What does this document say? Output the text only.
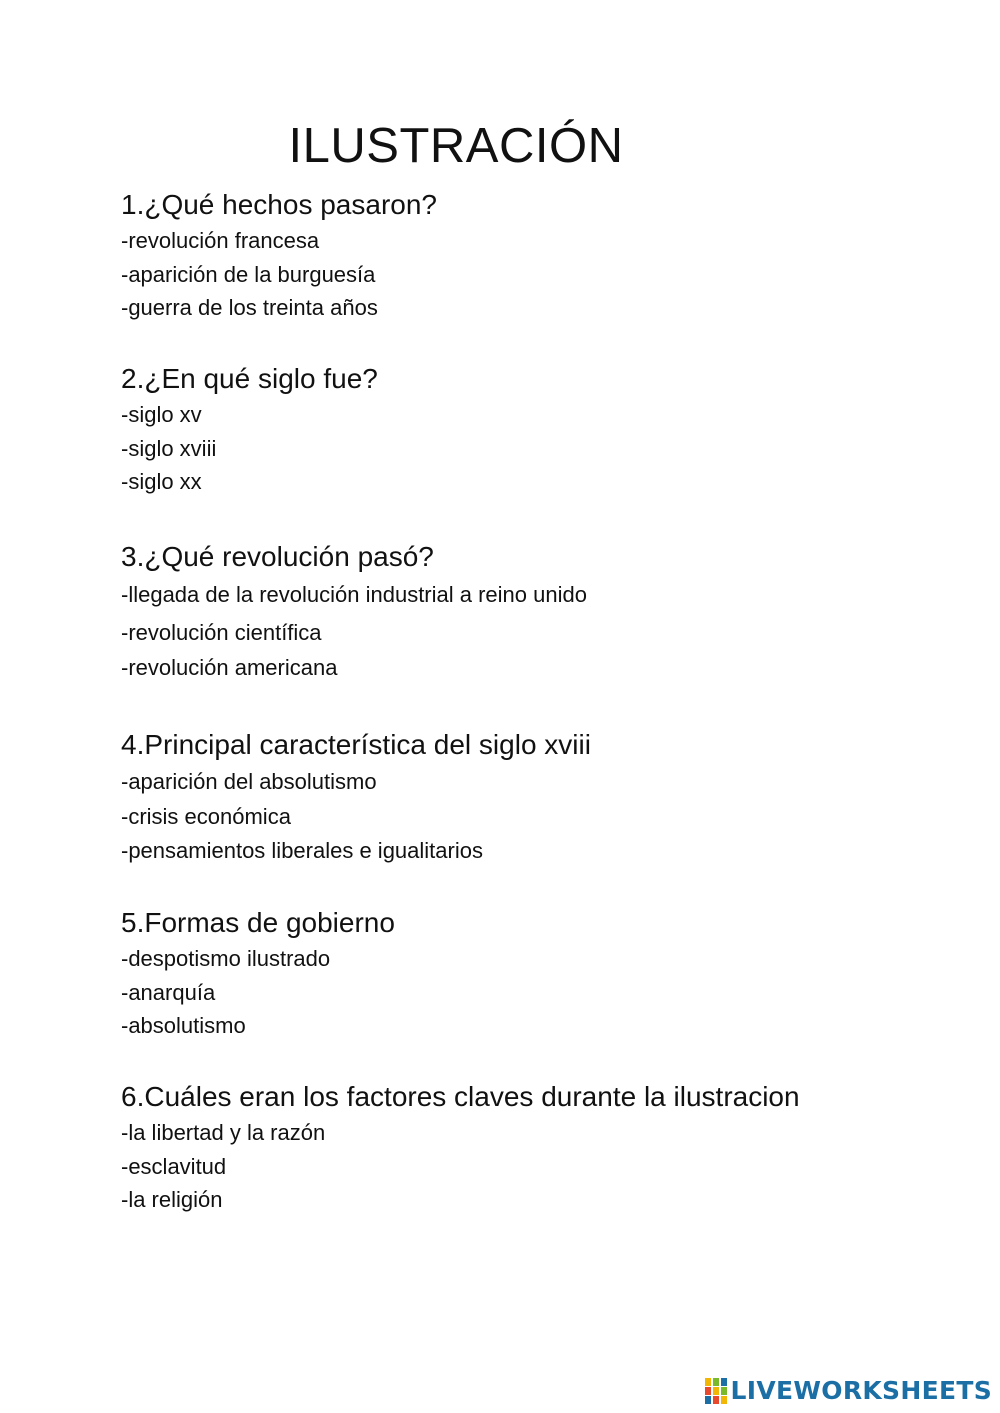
ILUSTRACIÓN

1.¿Qué hechos pasaron?

-revolución francesa
-aparición de la burguesía
-guerra de los treinta años

2.¿En qué siglo fue?

-siglo xv
-siglo xviii
-siglo xx

3.¿Qué revolución pasó?

-llegada de la revolución industrial a reino unido
-revolución científica
-revolución americana

4.Principal característica del siglo xviii

-aparición del absolutismo
-crisis económica
-pensamientos liberales e igualitarios

5.Formas de gobierno

-despotismo ilustrado
-anarquía
-absolutismo

6.Cuáles eran los factores claves durante la ilustracion

-la libertad y la razón
-esclavitud
-la religión
LIVEWORKSHEETS
